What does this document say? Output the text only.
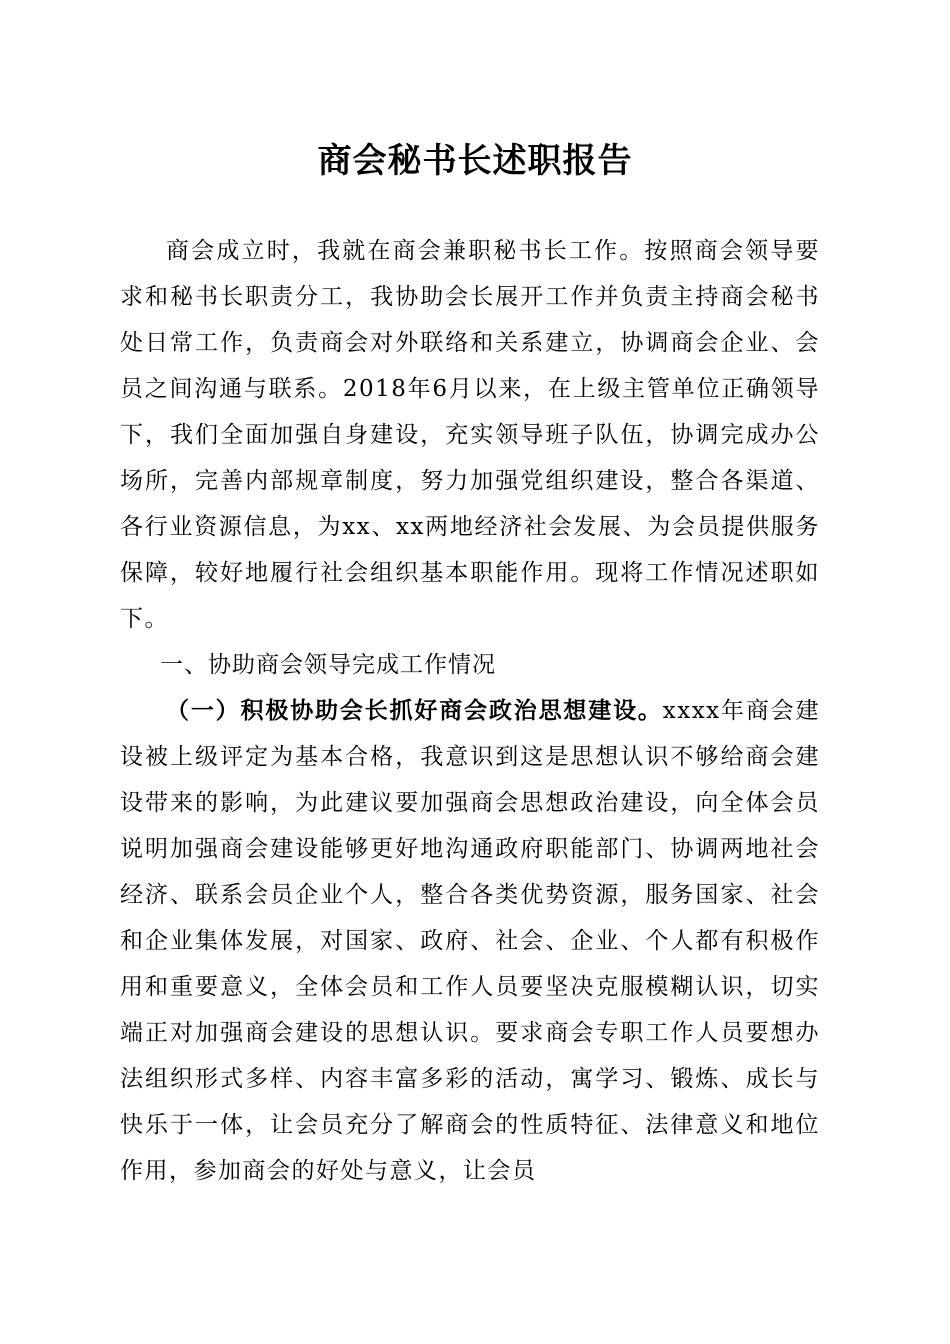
商会秘书长述职报告

商会成立时，我就在商会兼职秘书长工作。按照商会领导要求和秘书长职责分工，我协助会长展开工作并负责主持商会秘书处日常工作，负责商会对外联络和关系建立，协调商会企业、会员之间沟通与联系。2018年6月以来，在上级主管单位正确领导下，我们全面加强自身建设，充实领导班子队伍，协调完成办公场所，完善内部规章制度，努力加强党组织建设，整合各渠道、各行业资源信息，为xx、xx两地经济社会发展、为会员提供服务保障，较好地履行社会组织基本职能作用。现将工作情况述职如下。

一、协助商会领导完成工作情况

（一）积极协助会长抓好商会政治思想建设。xxxx年商会建设被上级评定为基本合格，我意识到这是思想认识不够给商会建设带来的影响，为此建议要加强商会思想政治建设，向全体会员说明加强商会建设能够更好地沟通政府职能部门、协调两地社会经济、联系会员企业个人，整合各类优势资源，服务国家、社会和企业集体发展，对国家、政府、社会、企业、个人都有积极作用和重要意义，全体会员和工作人员要坚决克服模糊认识，切实端正对加强商会建设的思想认识。要求商会专职工作人员要想办法组织形式多样、内容丰富多彩的活动，寓学习、锻炼、成长与快乐于一体，让会员充分了解商会的性质特征、法律意义和地位作用，参加商会的好处与意义，让会员
